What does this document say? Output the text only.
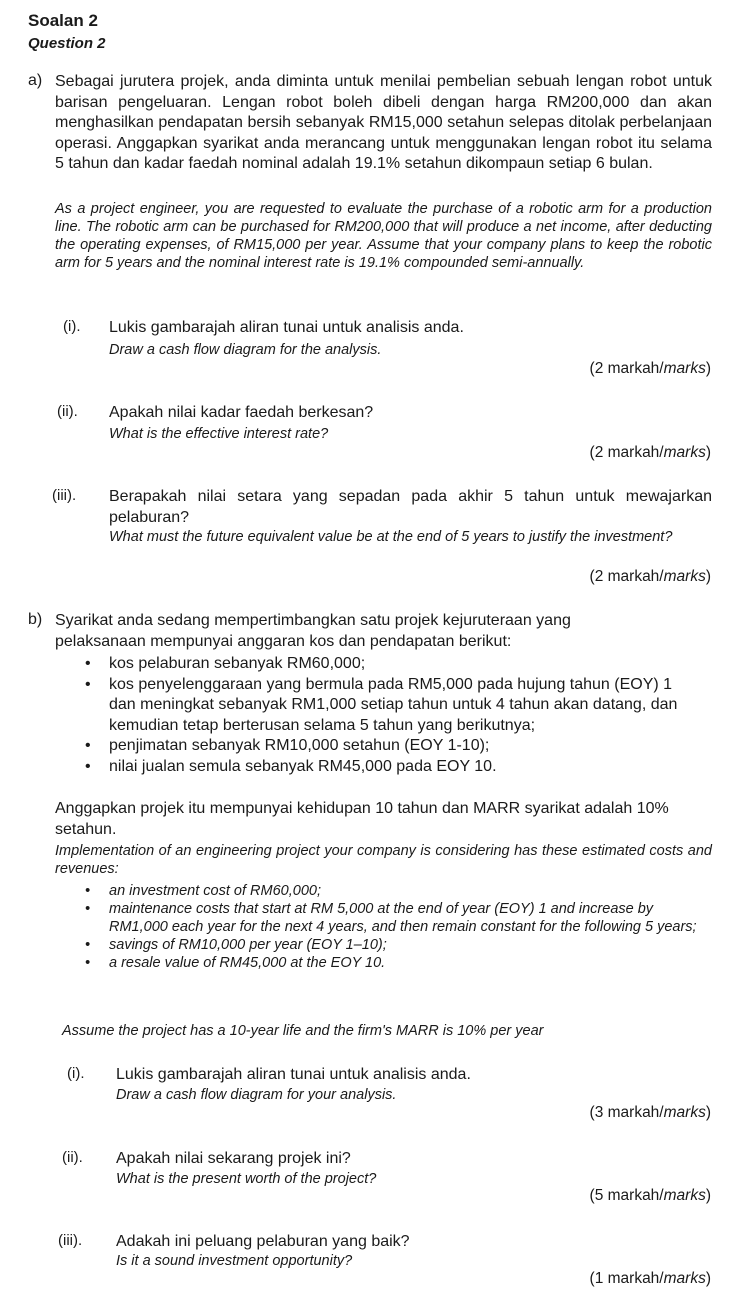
Soalan 2
Question 2
a) Sebagai jurutera projek, anda diminta untuk menilai pembelian sebuah lengan robot untuk barisan pengeluaran. Lengan robot boleh dibeli dengan harga RM200,000 dan akan menghasilkan pendapatan bersih sebanyak RM15,000 setahun selepas ditolak perbelanjaan operasi. Anggapkan syarikat anda merancang untuk menggunakan lengan robot itu selama 5 tahun dan kadar faedah nominal adalah 19.1% setahun dikompaun setiap 6 bulan.
As a project engineer, you are requested to evaluate the purchase of a robotic arm for a production line. The robotic arm can be purchased for RM200,000 that will produce a net income, after deducting the operating expenses, of RM15,000 per year. Assume that your company plans to keep the robotic arm for 5 years and the nominal interest rate is 19.1% compounded semi-annually.
(i). Lukis gambarajah aliran tunai untuk analisis anda.
Draw a cash flow diagram for the analysis.
(2 markah/marks)
(ii). Apakah nilai kadar faedah berkesan?
What is the effective interest rate?
(2 markah/marks)
(iii). Berapakah nilai setara yang sepadan pada akhir 5 tahun untuk mewajarkan pelaburan?
What must the future equivalent value be at the end of 5 years to justify the investment?
(2 markah/marks)
b) Syarikat anda sedang mempertimbangkan satu projek kejuruteraan yang pelaksanaan mempunyai anggaran kos dan pendapatan berikut:
• kos pelaburan sebanyak RM60,000;
• kos penyelenggaraan yang bermula pada RM5,000 pada hujung tahun (EOY) 1 dan meningkat sebanyak RM1,000 setiap tahun untuk 4 tahun akan datang, dan kemudian tetap berterusan selama 5 tahun yang berikutnya;
• penjimatan sebanyak RM10,000 setahun (EOY 1-10);
• nilai jualan semula sebanyak RM45,000 pada EOY 10.
Anggapkan projek itu mempunyai kehidupan 10 tahun dan MARR syarikat adalah 10% setahun.
Implementation of an engineering project your company is considering has these estimated costs and revenues:
• an investment cost of RM60,000;
• maintenance costs that start at RM 5,000 at the end of year (EOY) 1 and increase by RM1,000 each year for the next 4 years, and then remain constant for the following 5 years;
• savings of RM10,000 per year (EOY 1–10);
• a resale value of RM45,000 at the EOY 10.
Assume the project has a 10-year life and the firm's MARR is 10% per year
(i). Lukis gambarajah aliran tunai untuk analisis anda.
Draw a cash flow diagram for your analysis.
(3 markah/marks)
(ii). Apakah nilai sekarang projek ini?
What is the present worth of the project?
(5 markah/marks)
(iii). Adakah ini peluang pelaburan yang baik?
Is it a sound investment opportunity?
(1 markah/marks)
